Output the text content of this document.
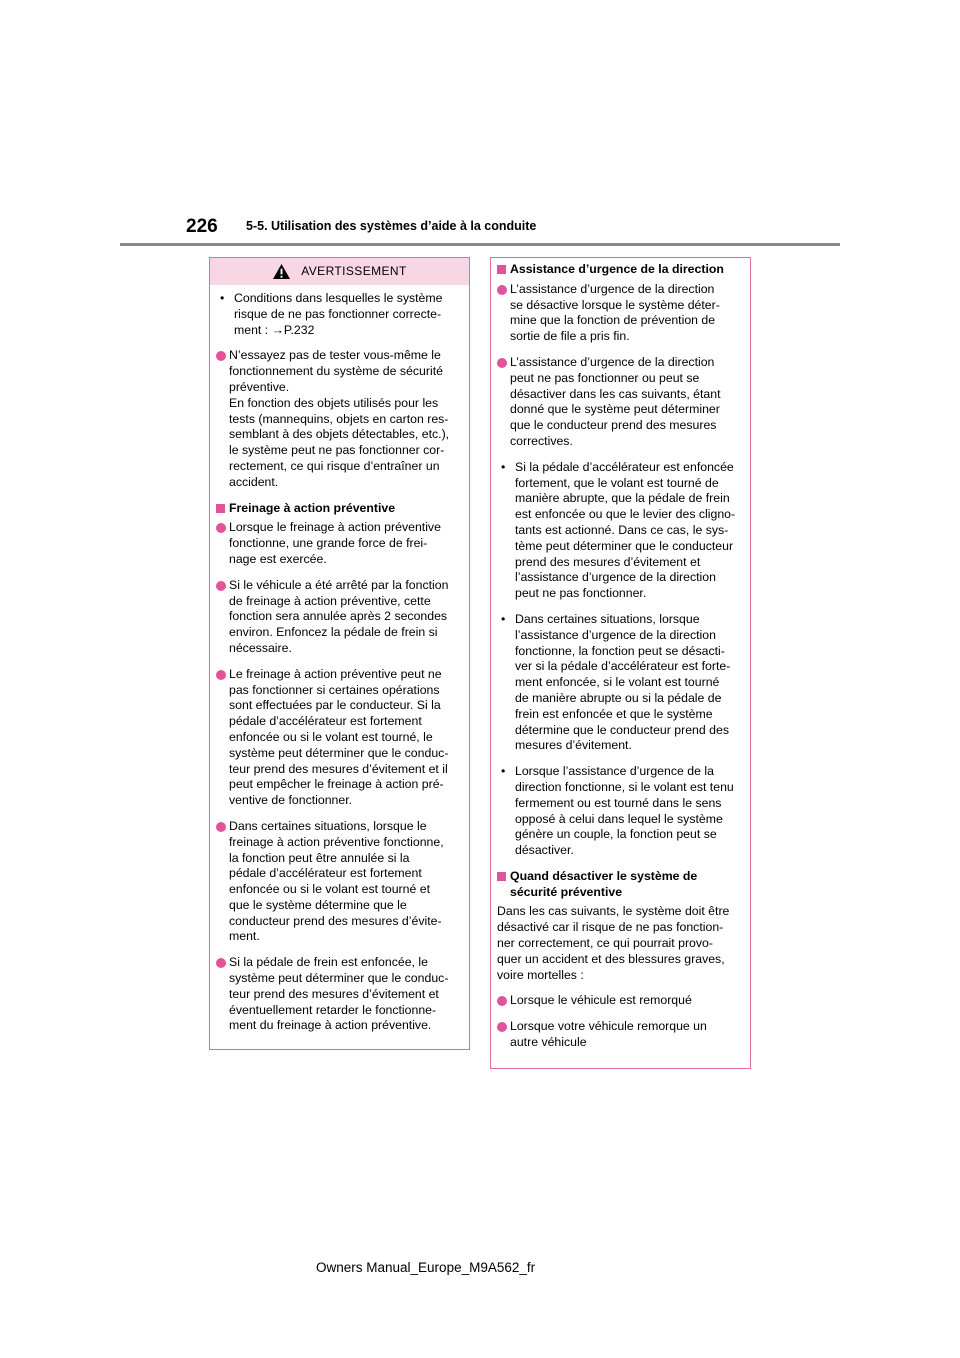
226 5-5. Utilisation des systèmes d’aide à la conduite
AVERTISSEMENT
• Conditions dans lesquelles le système
risque de ne pas fonctionner correcte-
ment : →P.232
N’essayez pas de tester vous-même le
fonctionnement du système de sécurité
préventive.
En fonction des objets utilisés pour les
tests (mannequins, objets en carton res-
semblant à des objets détectables, etc.),
le système peut ne pas fonctionner cor-
rectement, ce qui risque d’entraîner un
accident.
Freinage à action préventive
Lorsque le freinage à action préventive
fonctionne, une grande force de frei-
nage est exercée.
Si le véhicule a été arrêté par la fonction
de freinage à action préventive, cette
fonction sera annulée après 2 secondes
environ. Enfoncez la pédale de frein si
nécessaire.
Le freinage à action préventive peut ne
pas fonctionner si certaines opérations
sont effectuées par le conducteur. Si la
pédale d’accélérateur est fortement
enfoncée ou si le volant est tourné, le
système peut déterminer que le conduc-
teur prend des mesures d’évitement et il
peut empêcher le freinage à action pré-
ventive de fonctionner.
Dans certaines situations, lorsque le
freinage à action préventive fonctionne,
la fonction peut être annulée si la
pédale d’accélérateur est fortement
enfoncée ou si le volant est tourné et
que le système détermine que le
conducteur prend des mesures d’évite-
ment.
Si la pédale de frein est enfoncée, le
système peut déterminer que le conduc-
teur prend des mesures d’évitement et
éventuellement retarder le fonctionne-
ment du freinage à action préventive.
Assistance d’urgence de la direction
L’assistance d’urgence de la direction
se désactive lorsque le système déter-
mine que la fonction de prévention de
sortie de file a pris fin.
L’assistance d’urgence de la direction
peut ne pas fonctionner ou peut se
désactiver dans les cas suivants, étant
donné que le système peut déterminer
que le conducteur prend des mesures
correctives.
• Si la pédale d’accélérateur est enfoncée
fortement, que le volant est tourné de
manière abrupte, que la pédale de frein
est enfoncée ou que le levier des cligno-
tants est actionné. Dans ce cas, le sys-
tème peut déterminer que le conducteur
prend des mesures d’évitement et
l’assistance d’urgence de la direction
peut ne pas fonctionner.
• Dans certaines situations, lorsque
l’assistance d’urgence de la direction
fonctionne, la fonction peut se désacti-
ver si la pédale d’accélérateur est forte-
ment enfoncée, si le volant est tourné
de manière abrupte ou si la pédale de
frein est enfoncée et que le système
détermine que le conducteur prend des
mesures d’évitement.
• Lorsque l’assistance d’urgence de la
direction fonctionne, si le volant est tenu
fermement ou est tourné dans le sens
opposé à celui dans lequel le système
génère un couple, la fonction peut se
désactiver.
Quand désactiver le système de
sécurité préventive
Dans les cas suivants, le système doit être
désactivé car il risque de ne pas fonction-
ner correctement, ce qui pourrait provo-
quer un accident et des blessures graves,
voire mortelles :
Lorsque le véhicule est remorqué
Lorsque votre véhicule remorque un
autre véhicule
Owners Manual_Europe_M9A562_fr
